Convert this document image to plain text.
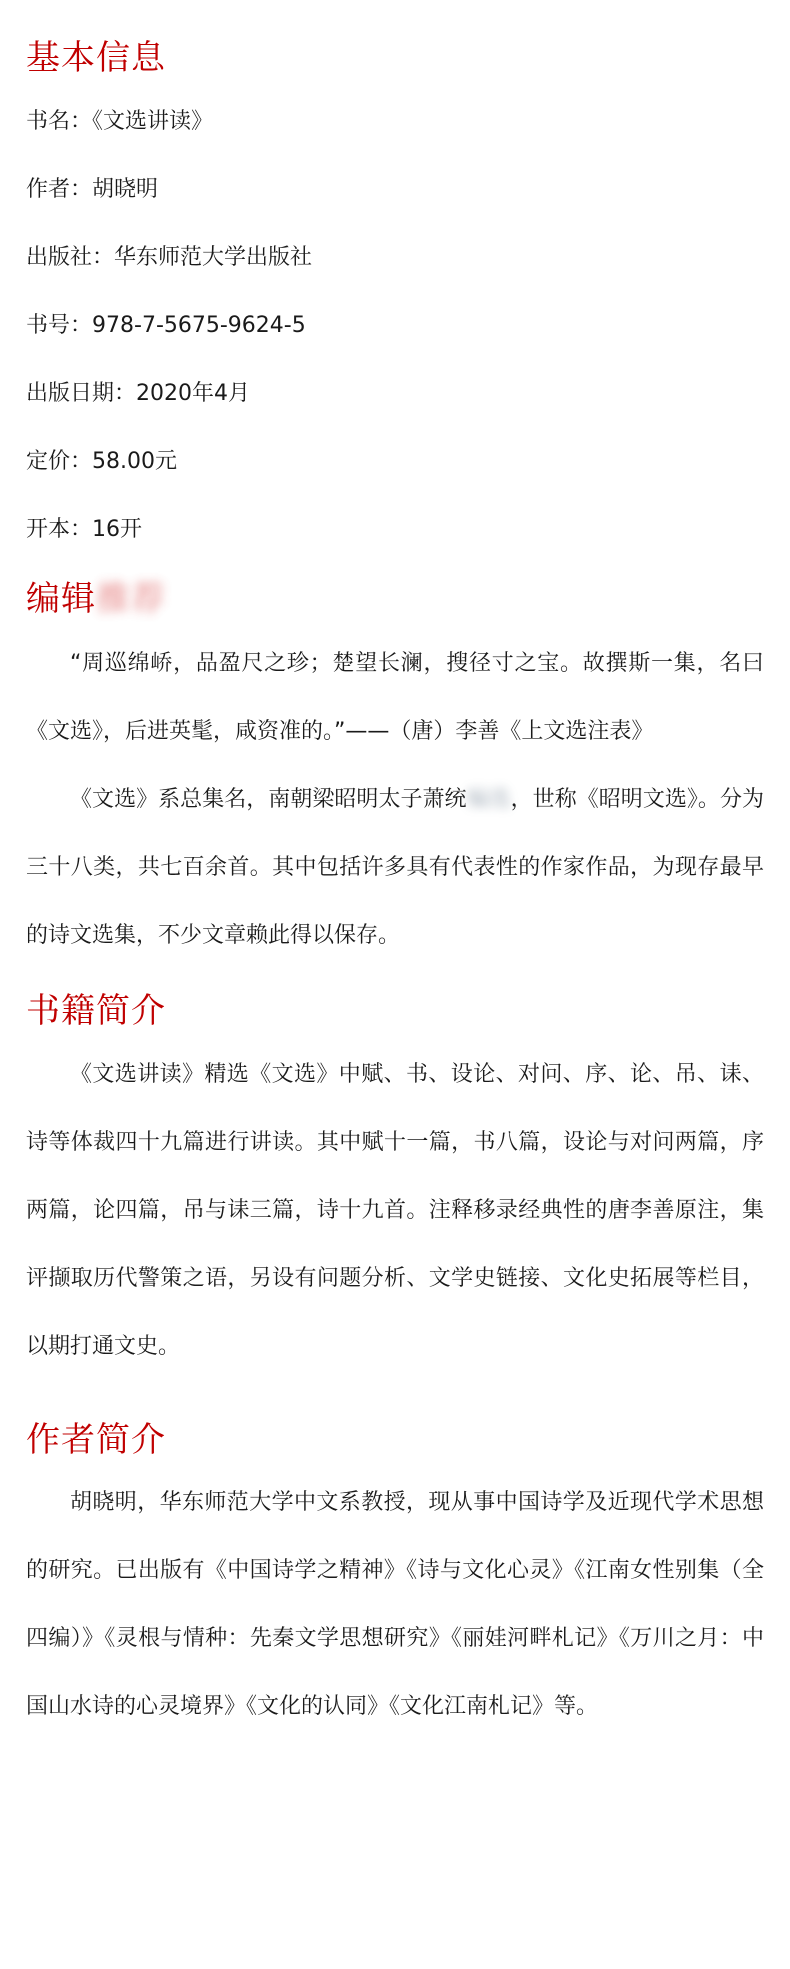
基本信息
书名：《文选讲读》
作者：胡晓明
出版社：华东师范大学出版社
书号：978-7-5675-9624-5
出版日期：2020年4月
定价：58.00元
开本：16开
编辑推荐

“周巡绵峤，品盈尺之珍；楚望长澜，搜径寸之宝。故撰斯一集，名曰《文选》，后进英髦，咸资准的。”——（唐）李善《上文选注表》

《文选》系总集名，南朝梁昭明太子萧统编选，世称《昭明文选》。分为三十八类，共七百余首。其中包括许多具有代表性的作家作品，为现存最早的诗文选集，不少文章赖此得以保存。

书籍简介

《文选讲读》精选《文选》中赋、书、设论、对问、序、论、吊、诔、诗等体裁四十九篇进行讲读。其中赋十一篇，书八篇，设论与对问两篇，序两篇，论四篇，吊与诔三篇，诗十九首。注释移录经典性的唐李善原注，集评撷取历代警策之语，另设有问题分析、文学史链接、文化史拓展等栏目，以期打通文史。

作者简介

胡晓明，华东师范大学中文系教授，现从事中国诗学及近现代学术思想的研究。已出版有《中国诗学之精神》《诗与文化心灵》《江南女性别集（全四编）》《灵根与情种：先秦文学思想研究》《丽娃河畔札记》《万川之月：中国山水诗的心灵境界》《文化的认同》《文化江南札记》等。
